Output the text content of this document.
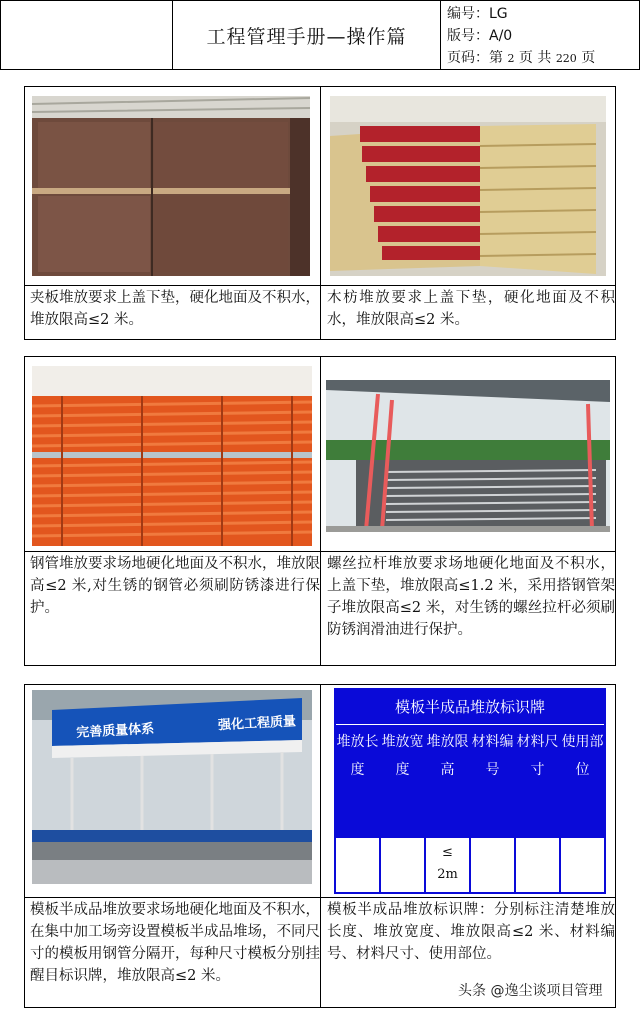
工程管理手册—操作篇
编号：LG
版号：A/0
页码：第 2 页 共 220 页
夹板堆放要求上盖下垫，硬化地面及不积水，堆放限高≤2 米。
木枋堆放要求上盖下垫，硬化地面及不积水，堆放限高≤2 米。
钢管堆放要求场地硬化地面及不积水，堆放限高≤2 米,对生锈的钢管必须刷防锈漆进行保护。
螺丝拉杆堆放要求场地硬化地面及不积水，上盖下垫，堆放限高≤1.2 米，采用搭钢管架子堆放限高≤2 米，对生锈的螺丝拉杆必须刷防锈润滑油进行保护。
完善质量体系	强化工程质量
模板半成品堆放标识牌
堆放长度
堆放宽度
堆放限高
材料编号
材料尺寸
使用部位
≤
2m
模板半成品堆放要求场地硬化地面及不积水，在集中加工场旁设置模板半成品堆场，不同尺寸的模板用钢管分隔开，每种尺寸模板分别挂醒目标识牌，堆放限高≤2 米。
模板半成品堆放标识牌：分别标注清楚堆放长度、堆放宽度、堆放限高≤2 米、材料编号、材料尺寸、使用部位。
头条 @逸尘谈项目管理
